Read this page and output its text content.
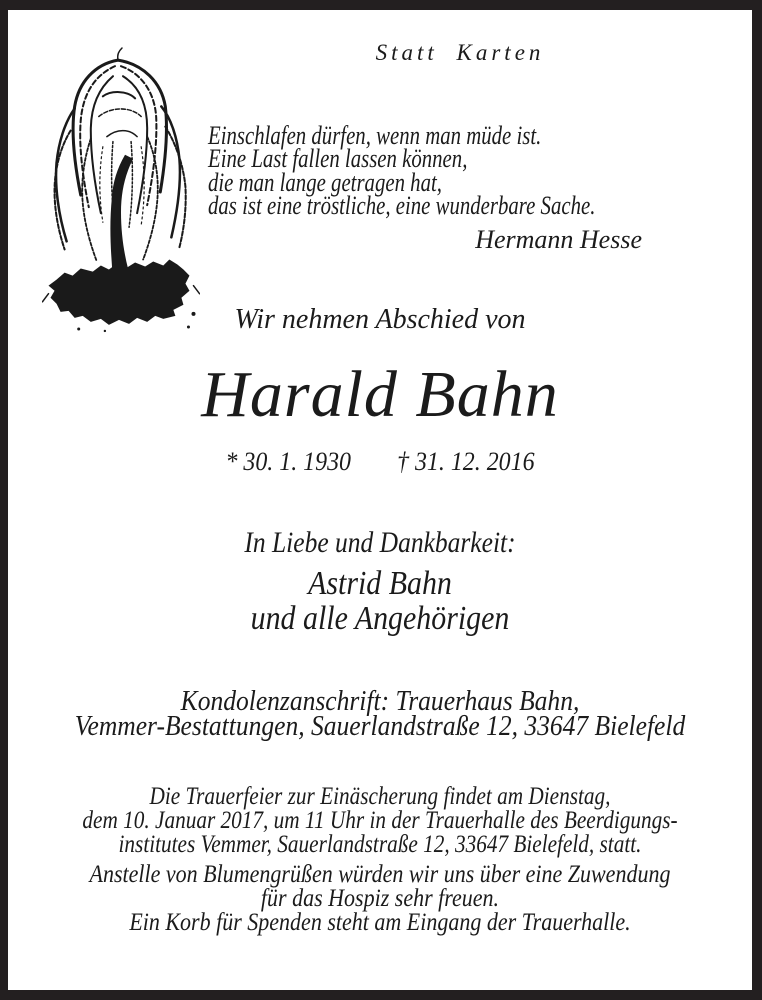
Statt Karten
Einschlafen dürfen, wenn man müde ist.
Eine Last fallen lassen können,
die man lange getragen hat,
das ist eine tröstliche, eine wunderbare Sache.
Hermann Hesse
Wir nehmen Abschied von
Harald Bahn
* 30. 1. 1930 † 31. 12. 2016
In Liebe und Dankbarkeit:
Astrid Bahn
und alle Angehörigen
Kondolenzanschrift: Trauerhaus Bahn,
Vemmer-Bestattungen, Sauerlandstraße 12, 33647 Bielefeld
Die Trauerfeier zur Einäscherung findet am Dienstag,
dem 10. Januar 2017, um 11 Uhr in der Trauerhalle des Beerdigungs-
institutes Vemmer, Sauerlandstraße 12, 33647 Bielefeld, statt.
Anstelle von Blumengrüßen würden wir uns über eine Zuwendung
für das Hospiz sehr freuen.
Ein Korb für Spenden steht am Eingang der Trauerhalle.
